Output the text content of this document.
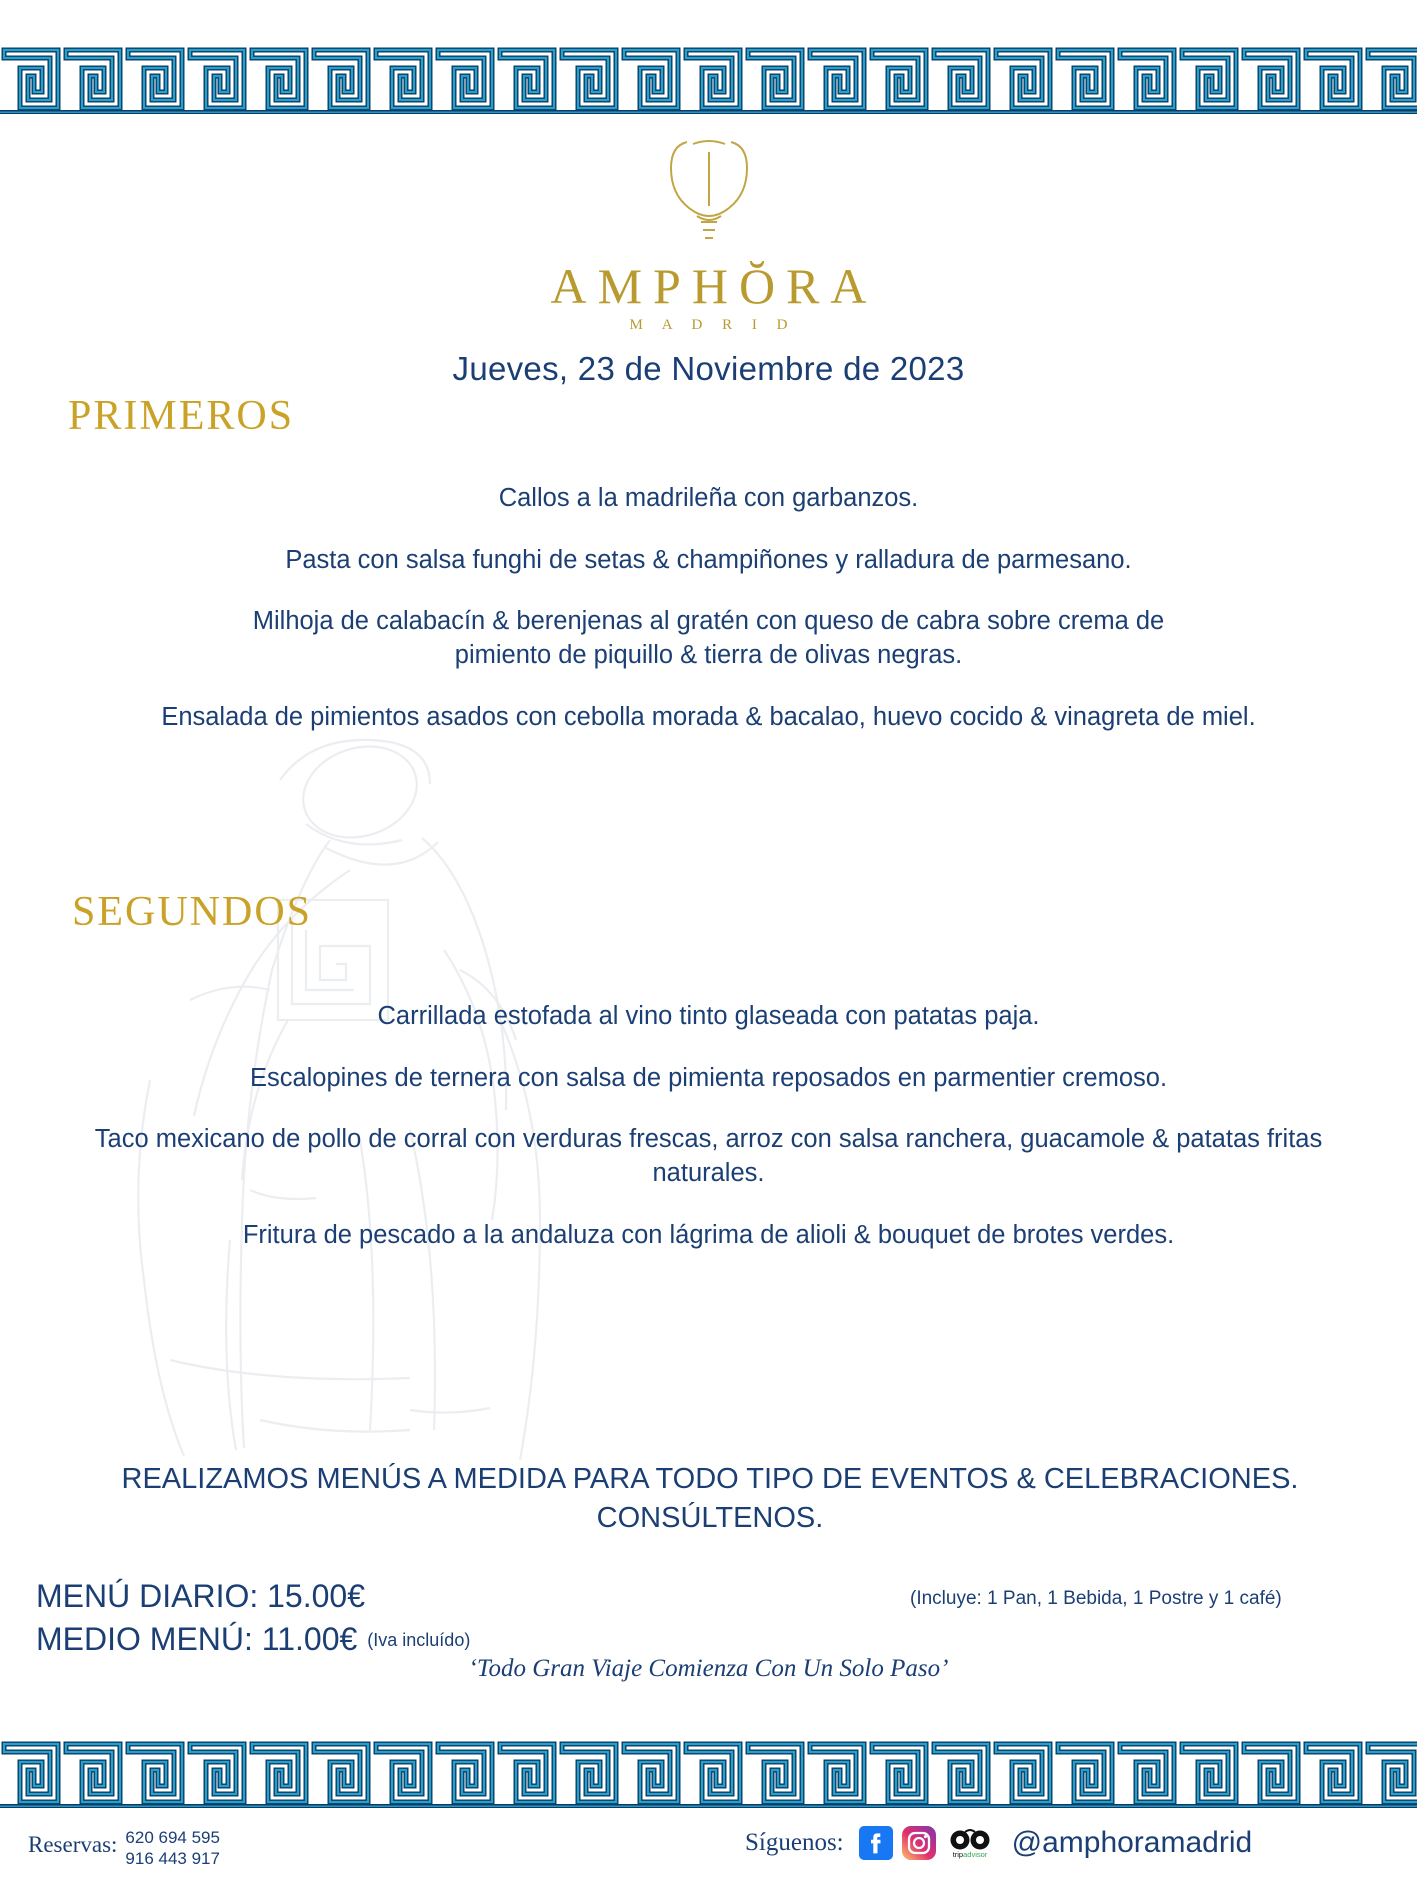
AMPHŎRA
M A D R I D
Jueves, 23 de Noviembre de 2023
PRIMEROS
Callos a la madrileña con garbanzos.
Pasta con salsa funghi de setas & champiñones y ralladura de parmesano.
Milhoja de calabacín & berenjenas al gratén con queso de cabra sobre crema de pimiento de piquillo & tierra de olivas negras.
Ensalada de pimientos asados con cebolla morada & bacalao, huevo cocido & vinagreta de miel.
SEGUNDOS
Carrillada estofada al vino tinto glaseada con patatas paja.
Escalopines de ternera con salsa de pimienta reposados en parmentier cremoso.
Taco mexicano de pollo de corral con verduras frescas, arroz con salsa ranchera, guacamole & patatas fritas naturales.
Fritura de pescado a la andaluza con lágrima de alioli & bouquet de brotes verdes.
REALIZAMOS MENÚS A MEDIDA PARA TODO TIPO DE EVENTOS & CELEBRACIONES. CONSÚLTENOS.
MENÚ DIARIO: 15.00€
MEDIO MENÚ: 11.00€ (Iva incluído)
(Incluye: 1 Pan, 1 Bebida, 1 Postre y 1 café)
‘Todo Gran Viaje Comienza Con Un Solo Paso’
Reservas: 620 694 595
916 443 917
Síguenos:	tripadvisor @amphoramadrid
